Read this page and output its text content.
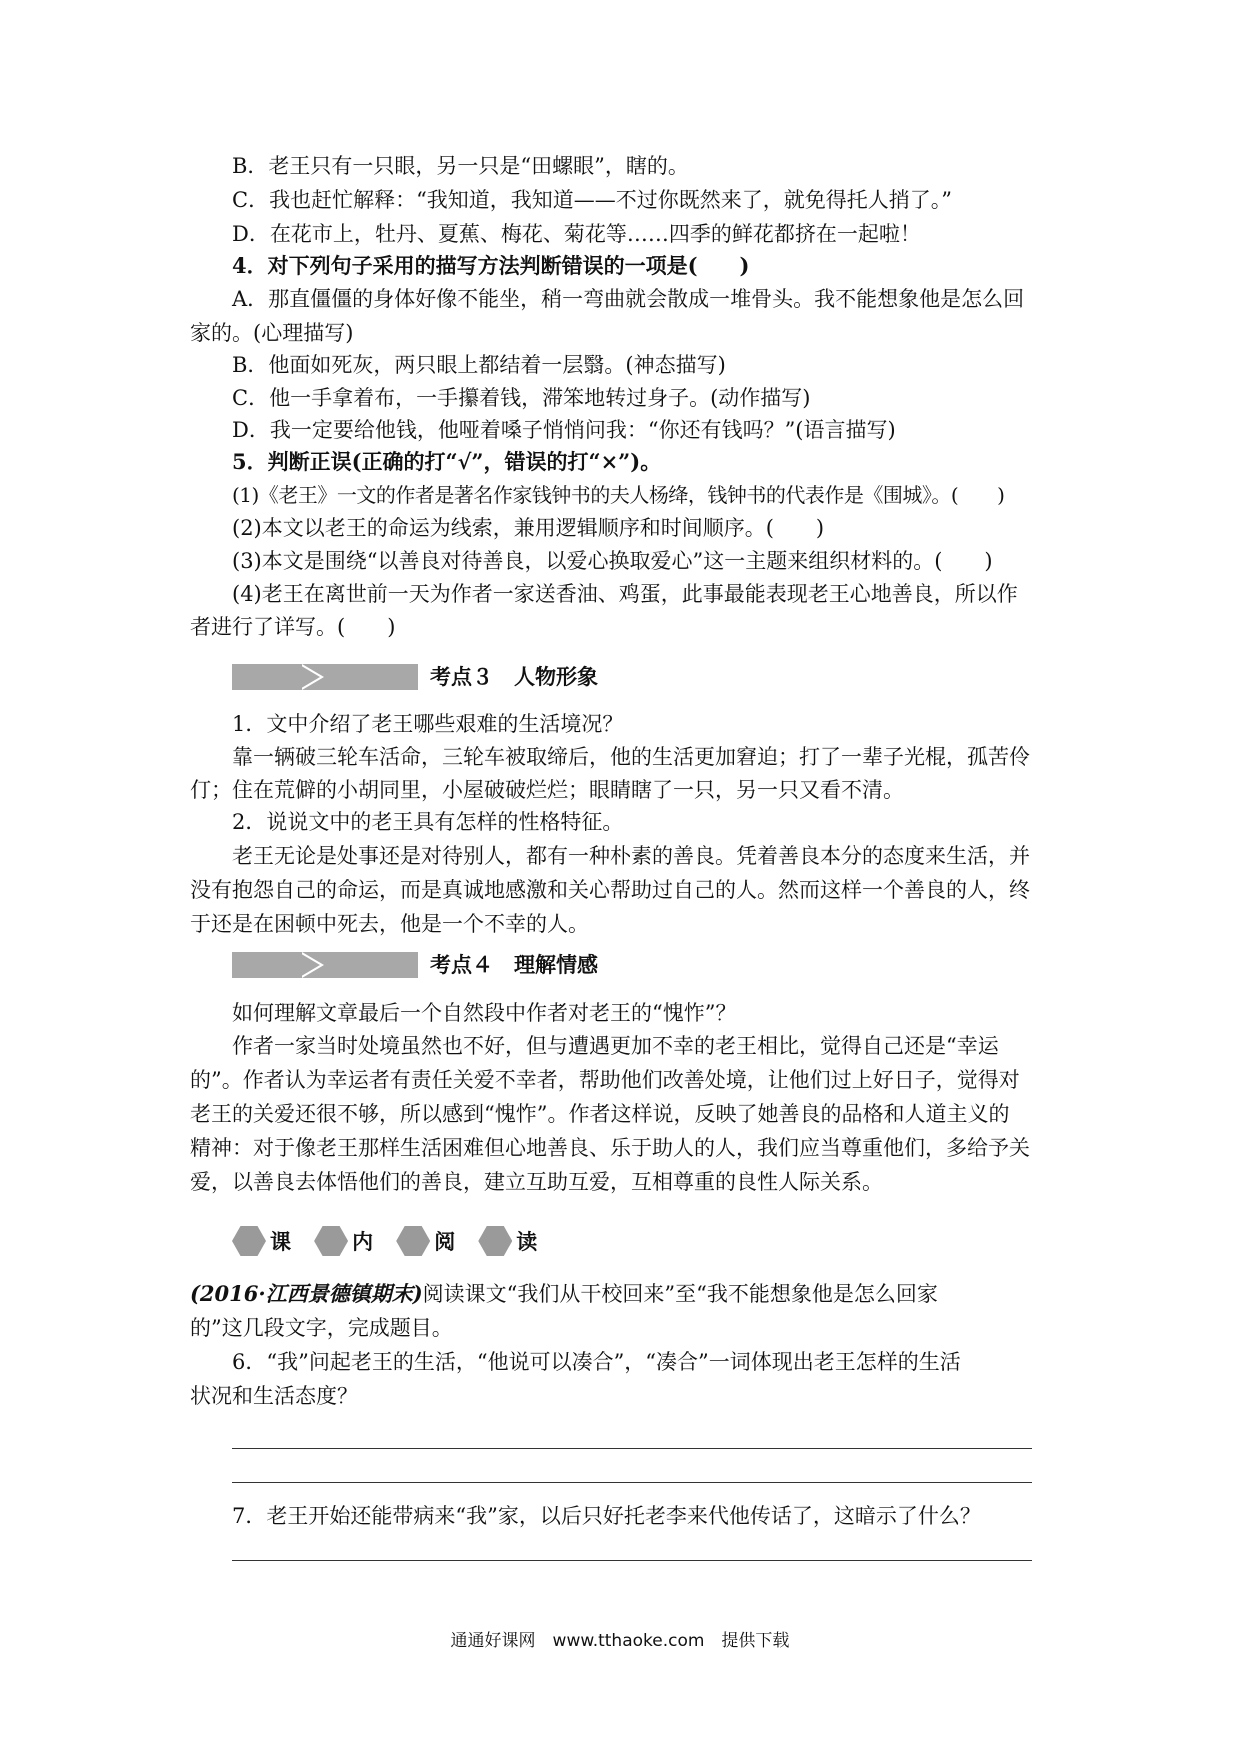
B．老王只有一只眼，另一只是“田螺眼”，瞎的。
C．我也赶忙解释：“我知道，我知道——不过你既然来了，就免得托人捎了。”
D．在花市上，牡丹、夏蕉、梅花、菊花等……四季的鲜花都挤在一起啦！
4．对下列句子采用的描写方法判断错误的一项是(　　)
A．那直僵僵的身体好像不能坐，稍一弯曲就会散成一堆骨头。我不能想象他是怎么回
家的。(心理描写)
B．他面如死灰，两只眼上都结着一层翳。(神态描写)
C．他一手拿着布，一手攥着钱，滞笨地转过身子。(动作描写)
D．我一定要给他钱，他哑着嗓子悄悄问我：“你还有钱吗？”(语言描写)
5．判断正误(正确的打“√”，错误的打“×”)。
(1)《老王》一文的作者是著名作家钱钟书的夫人杨绛，钱钟书的代表作是《围城》。(　　)
(2)本文以老王的命运为线索，兼用逻辑顺序和时间顺序。(　　)
(3)本文是围绕“以善良对待善良，以爱心换取爱心”这一主题来组织材料的。(　　)
(4)老王在离世前一天为作者一家送香油、鸡蛋，此事最能表现老王心地善良，所以作
者进行了详写。(　　)
考点３　人物形象
1．文中介绍了老王哪些艰难的生活境况？
靠一辆破三轮车活命，三轮车被取缔后，他的生活更加窘迫；打了一辈子光棍，孤苦伶
仃；住在荒僻的小胡同里，小屋破破烂烂；眼睛瞎了一只，另一只又看不清。
2．说说文中的老王具有怎样的性格特征。
老王无论是处事还是对待别人，都有一种朴素的善良。凭着善良本分的态度来生活，并
没有抱怨自己的命运，而是真诚地感激和关心帮助过自己的人。然而这样一个善良的人，终
于还是在困顿中死去，他是一个不幸的人。
考点４　理解情感
如何理解文章最后一个自然段中作者对老王的“愧怍”？
作者一家当时处境虽然也不好，但与遭遇更加不幸的老王相比，觉得自己还是“幸运
的”。作者认为幸运者有责任关爱不幸者，帮助他们改善处境，让他们过上好日子，觉得对
老王的关爱还很不够，所以感到“愧怍”。作者这样说，反映了她善良的品格和人道主义的
精神：对于像老王那样生活困难但心地善良、乐于助人的人，我们应当尊重他们，多给予关
爱，以善良去体悟他们的善良，建立互助互爱，互相尊重的良性人际关系。
课	内	阅	读
(2016·江西景德镇期末)阅读课文“我们从干校回来”至“我不能想象他是怎么回家
的”这几段文字，完成题目。
6．“我”问起老王的生活，“他说可以凑合”，“凑合”一词体现出老王怎样的生活
状况和生活态度？
7．老王开始还能带病来“我”家，以后只好托老李来代他传话了，这暗示了什么？
通通好课网　www.tthaoke.com　提供下载
